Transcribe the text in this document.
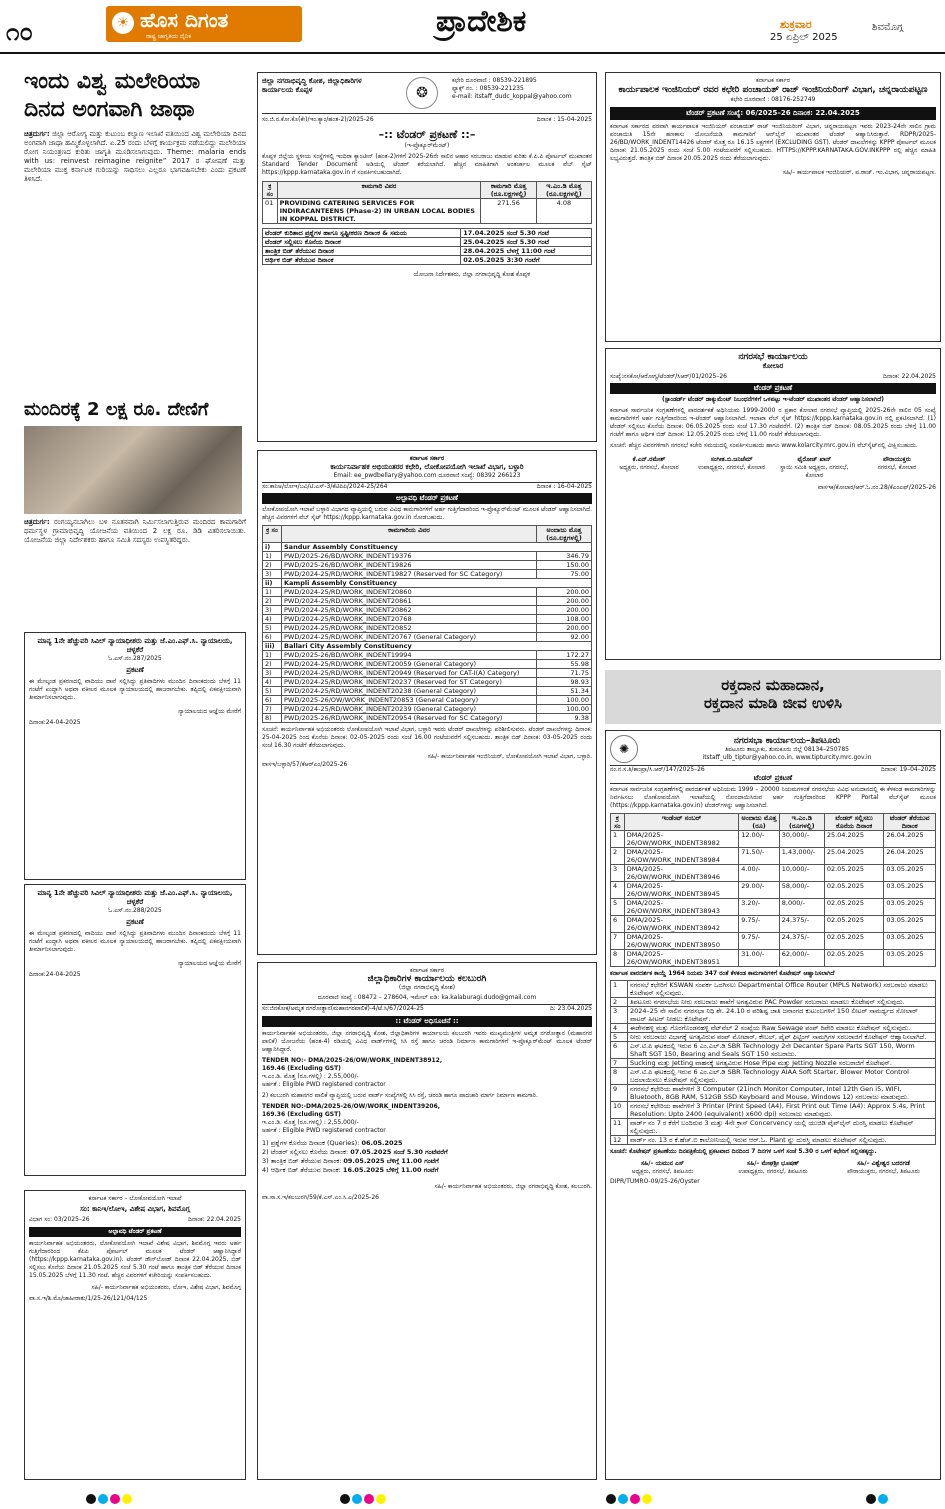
೧೦	☀ ಹೊಸ ದಿಗಂತ
ರಾಷ್ಟ್ರ ಜಾಗೃತಿಯ ದೈನಿಕ	ಪ್ರಾದೇಶಿಕ	ಶುಕ್ರವಾರ
25 ಏಪ್ರಿಲ್ 2025
ಶಿವಮೊಗ್ಗ
ಇಂದು ವಿಶ್ವ ಮಲೇರಿಯಾ ದಿನದ ಅಂಗವಾಗಿ ಜಾಥಾ
ಚಿತ್ರದುರ್ಗ: ಜಿಲ್ಲಾ ಆರೋಗ್ಯ ಮತ್ತು ಕುಟುಂಬ ಕಲ್ಯಾಣ ಇಲಾಖೆ ವತಿಯಿಂದ ವಿಶ್ವ ಮಲೇರಿಯಾ ದಿನದ ಅಂಗವಾಗಿ ಜಾಥಾ ಹಮ್ಮಿಕೊಳ್ಳಲಾಗಿದೆ. ಏ.25 ರಂದು ಬೆಳಗ್ಗೆ ಕಾರ್ಯಕ್ರಮ ನಡೆಯಲಿದ್ದು ಮಲೇರಿಯಾ ರೋಗ ನಿಯಂತ್ರಣದ ಕುರಿತು ಜಾಗೃತಿ ಮೂಡಿಸಲಾಗುವುದು. Theme: malaria ends with us: reinvest reimagine reignite” 2017 ರ ಘೋಷಣೆ ಮತ್ತು ಮಲೇರಿಯಾ ಮುಕ್ತ ಕರ್ನಾಟಕ ಗುರಿಯನ್ನು ಸಾಧಿಸಲು ಎಲ್ಲರೂ ಭಾಗವಹಿಸಬೇಕು ಎಂದು ಪ್ರಕಟಣೆ ತಿಳಿಸಿದೆ.
ಮಂದಿರಕ್ಕೆ 2 ಲಕ್ಷ ರೂ. ದೇಣಿಗೆ
ಚಿತ್ರದುರ್ಗ: ರಂಗಯ್ಯನಬಾಗಿಲು ಬಳಿ ನೂತನವಾಗಿ ನಿರ್ಮಿಸಲಾಗುತ್ತಿರುವ ಮಂದಿರದ ಕಾಮಗಾರಿಗೆ ಧರ್ಮಸ್ಥಳ ಗ್ರಾಮಾಭಿವೃದ್ಧಿ ಯೋಜನೆಯ ವತಿಯಿಂದ 2 ಲಕ್ಷ ರೂ. ಡಿಡಿ ವಿತರಿಸಲಾಯಿತು. ಯೋಜನೆಯ ಜಿಲ್ಲಾ ನಿರ್ದೇಶಕರು ಹಾಗೂ ಸಮಿತಿ ಸದಸ್ಯರು ಉಪಸ್ಥಿತರಿದ್ದರು.
ಮಾನ್ಯ 1ನೇ ಹೆಚ್ಚುವರಿ ಸಿವಿಲ್ ನ್ಯಾಯಾಧೀಶರು ಮತ್ತು ಜೆ.ಎಂ.ಎಫ್.ಸಿ. ನ್ಯಾಯಾಲಯ, ಚಳ್ಳಕೆರೆ
ಓ.ಎಸ್.ನಂ.287/2025
ಪ್ರಕಟಣೆ
ಈ ಮೇಲ್ಕಂಡ ಪ್ರಕರಣದಲ್ಲಿ ವಾದಿಯು ದಾವೆ ಸಲ್ಲಿಸಿದ್ದು ಪ್ರತಿವಾದಿಗಳು ಮುಂದಿನ ದಿನಾಂಕದಂದು ಬೆಳಗ್ಗೆ 11 ಗಂಟೆಗೆ ಖುದ್ದಾಗಿ ಅಥವಾ ವಕೀಲರ ಮೂಲಕ ನ್ಯಾಯಾಲಯದಲ್ಲಿ ಹಾಜರಾಗಬೇಕು. ತಪ್ಪಿದಲ್ಲಿ ಏಕಪಕ್ಷೀಯವಾಗಿ ತೀರ್ಮಾನಿಸಲಾಗುವುದು.
ನ್ಯಾಯಾಲಯದ ಆಜ್ಞೆಯ ಮೇರೆಗೆ
ದಿನಾಂಕ:24-04-2025
ಮಾನ್ಯ 1ನೇ ಹೆಚ್ಚುವರಿ ಸಿವಿಲ್ ನ್ಯಾಯಾಧೀಶರು ಮತ್ತು ಜೆ.ಎಂ.ಎಫ್.ಸಿ. ನ್ಯಾಯಾಲಯ, ಚಳ್ಳಕೆರೆ
ಓ.ಎಸ್.ನಂ.288/2025
ಪ್ರಕಟಣೆ
ಈ ಮೇಲ್ಕಂಡ ಪ್ರಕರಣದಲ್ಲಿ ವಾದಿಯು ದಾವೆ ಸಲ್ಲಿಸಿದ್ದು ಪ್ರತಿವಾದಿಗಳು ಮುಂದಿನ ದಿನಾಂಕದಂದು ಬೆಳಗ್ಗೆ 11 ಗಂಟೆಗೆ ಖುದ್ದಾಗಿ ಅಥವಾ ವಕೀಲರ ಮೂಲಕ ನ್ಯಾಯಾಲಯದಲ್ಲಿ ಹಾಜರಾಗಬೇಕು. ತಪ್ಪಿದಲ್ಲಿ ಏಕಪಕ್ಷೀಯವಾಗಿ ತೀರ್ಮಾನಿಸಲಾಗುವುದು.
ನ್ಯಾಯಾಲಯದ ಆಜ್ಞೆಯ ಮೇರೆಗೆ
ದಿನಾಂಕ:24-04-2025
ಕರ್ನಾಟಕ ಸರ್ಕಾರ – ಲೋಕೋಪಯೋಗಿ ಇಲಾಖೆ
ಸಂ: ಕಾನಿಇ/ಲೋಇ, ವಿಶೇಷ ವಿಭಾಗ, ಶಿವಮೊಗ್ಗ
ವಿಭಾಗ ಸಂ: 03/2025–26	ದಿನಾಂಕ: 22.04.2025
ಅಲ್ಪಾವಧಿ ಟೆಂಡರ್ ಪ್ರಕಟಣೆ
ಕಾರ್ಯನಿರ್ವಾಹಕ ಅಭಿಯಂತರರು, ಲೋಕೋಪಯೋಗಿ ಇಲಾಖೆ ವಿಶೇಷ ವಿಭಾಗ, ಶಿವಮೊಗ್ಗ ಇವರು ಅರ್ಹ ಗುತ್ತಿಗೆದಾರರಿಂದ ಕೆಪಿಪಿ ಪೋರ್ಟಲ್ ಮೂಲಕ ಟೆಂಡರ್ ಆಹ್ವಾನಿಸಿದ್ದಾರೆ (https://kppp.karnataka.gov.in). ಟೆಂಡರ್ ಡೌನ್‌ಲೋಡ್ ದಿನಾಂಕ 22.04.2025, ಬಿಡ್ ಸಲ್ಲಿಸಲು ಕೊನೆಯ ದಿನಾಂಕ 21.05.2025 ಸಂಜೆ 5.30 ಗಂಟೆ ಹಾಗೂ ತಾಂತ್ರಿಕ ಬಿಡ್ ತೆರೆಯುವ ದಿನಾಂಕ 15.05.2025 ಬೆಳಗ್ಗೆ 11.30 ಗಂಟೆ. ಹೆಚ್ಚಿನ ವಿವರಗಳಿಗೆ ಕಚೇರಿಯನ್ನು ಸಂಪರ್ಕಿಸಬಹುದು.
ಸಹಿ/- ಕಾರ್ಯನಿರ್ವಾಹಕ ಅಭಿಯಂತರರು, ಲೋಇ, ವಿಶೇಷ ವಿಭಾಗ, ಶಿವಮೊಗ್ಗ
ವಾ.ಸ.ಇ/ಶಿ.ಮೊ/ಜಾಹೀರಾತು/1/25-26/121/04/125
ಜಿಲ್ಲಾ ನಗರಾಭಿವೃದ್ಧಿ ಕೋಶ, ಜಿಲ್ಲಾಧಿಕಾರಿಗಳ ಕಾರ್ಯಾಲಯ ಕೊಪ್ಪಳ	❂
ಕಛೇರಿ ದೂರವಾಣಿ : 08539-221895
ಫ್ಯಾಕ್ಸ್ ನಂ. : 08539-221235
e-mail: itstaff_dudc_koppal@yahoo.com
ಸಂ.ಜಿ.ನ.ಕೋ.ಕೊ(ಕೇ)/ಇಂ.ಕ್ಯಾಂ/ಹಂತ-2)/2025-26	ದಿನಾಂಕ : 15-04-2025
–:: ಟೆಂಡರ್ ಪ್ರಕಟಣೆ ::–
(ಇ-ಪ್ರೊಕ್ಯೂರ್‌ಮೆಂಟ್)
ಕೊಪ್ಪಳ ಜಿಲ್ಲೆಯ ಸ್ಥಳೀಯ ಸಂಸ್ಥೆಗಳಲ್ಲಿ ಇಂದಿರಾ ಕ್ಯಾಂಟೀನ್ (ಹಂತ-2)ಗಳಿಗೆ 2025-26ನೇ ಸಾಲಿನ ಆಹಾರ ಸರಬರಾಜು ಮಾಡುವ ಕುರಿತು ಕೆ.ಪಿ.ಪಿ ಪೋರ್ಟಲ್ ಮುಖಾಂತರ Standard Tender Document ಅಡಿಯಲ್ಲಿ ಟೆಂಡರ್ ಕರೆಯಲಾಗಿದೆ. ಹೆಚ್ಚಿನ ಮಾಹಿತಿಗಾಗಿ ಅಂತರ್ಜಾಲ ಮೂಲಕ ವೆಬ್ ಸೈಟ್ https://kppp.karnataka.gov.in ಗೆ ಸಂಪರ್ಕಿಸಬಹುದಾಗಿದೆ.
ಕ್ರ ಸಂ	ಕಾಮಗಾರಿ ವಿವರ	ಕಾಮಗಾರಿ ಮೊತ್ತ (ರೂ.ಲಕ್ಷಗಳಲ್ಲಿ)	ಇ.ಎಂ.ಡಿ ಮೊತ್ತ (ರೂ.ಲಕ್ಷಗಳಲ್ಲಿ)
01	PROVIDING CATERING SERVICES FOR INDIRACANTEENS (Phase-2) IN URBAN LOCAL BODIES IN KOPPAL DISTRICT.	271.56	4.08
ಟೆಂಡರ್ ಕುರಿತಾದ ಪ್ರಶ್ನೆಗಳ ಹಾಗೂ ಸ್ಪಷ್ಟೀಕರಣ ದಿನಾಂಕ & ಸಮಯ	17.04.2025 ಸಂಜೆ 5.30 ಗಂಟೆ
ಟೆಂಡರ್ ಸಲ್ಲಿಸಲು ಕೊನೆಯ ದಿನಾಂಕ	25.04.2025 ಸಂಜೆ 5.30 ಗಂಟೆ
ತಾಂತ್ರಿಕ ಬಿಡ್ ತೆರೆಯುವ ದಿನಾಂಕ	28.04.2025 ಬೆಳಗ್ಗೆ 11:00 ಗಂಟೆ
ಆರ್ಥಿಕ ಬಿಡ್ ತೆರೆಯುವ ದಿನಾಂಕ	02.05.2025 3:30 ಗಂಟೆಗೆ
ಯೋಜನಾ ನಿರ್ದೇಶಕರು, ಜಿಲ್ಲಾ ನಗರಾಭಿವೃದ್ಧಿ ಕೋಶ ಕೊಪ್ಪಳ
ಕರ್ನಾಟಕ ಸರ್ಕಾರ
ಕಾರ್ಯನಿರ್ವಾಹಕ ಅಭಿಯಂತರರ ಕಛೇರಿ, ಲೋಕೋಪಯೋಗಿ ಇಲಾಖೆ ವಿಭಾಗ, ಬಳ್ಳಾರಿ
Email: ee_pwdbellary@yahoo.com ದೂರವಾಣಿ ಸಂಖ್ಯೆ: 08392 266123
ಸಂ:ಕಾನಿಅ/ಲೋಇ/ಬವಿ/ಟಿ.ಎಸ್-3/ಕೆಟಿಪಿಪಿ/2024-25/264	ದಿನಾಂಕ : 16-04-2025
ಅಲ್ಪಾವಧಿ ಟೆಂಡರ್ ಪ್ರಕಟಣೆ
ಲೋಕೋಪಯೋಗಿ ಇಲಾಖೆ ಬಳ್ಳಾರಿ ವಿಭಾಗದ ವ್ಯಾಪ್ತಿಯಲ್ಲಿ ಬರುವ ವಿವಿಧ ಕಾಮಗಾರಿಗಳಿಗೆ ಅರ್ಹ ಗುತ್ತಿಗೆದಾರರಿಂದ ಇ-ಪ್ರೊಕ್ಯೂರ್‌ಮೆಂಟ್ ಮೂಲಕ ಟೆಂಡರ್ ಆಹ್ವಾನಿಸಲಾಗಿದೆ. ಹೆಚ್ಚಿನ ವಿವರಗಳಿಗೆ ವೆಬ್ ಸೈಟ್ https://kppp.karnataka.gov.in ನೋಡಬಹುದು.
ಕ್ರ ಸಂ	ಕಾಮಗಾರಿಯ ವಿವರ	ಅಂದಾಜು ಮೊತ್ತ (ರೂ.ಲಕ್ಷಗಳಲ್ಲಿ)
i)	Sandur Assembly Constituency	
1)	PWD/2025-26/BD/WORK_INDENT19376	346.79
2)	PWD/2025-26/BD/WORK_INDENT19826	150.00
3)	PWD/2024-25/RD/WORK_INDENT19827 (Reserved for SC Category)	75.00
ii)	Kampli Assembly Constituency	
1)	PWD/2024-25/RD/WORK_INDENT20860	200.00
2)	PWD/2024-25/RD/WORK_INDENT20861	200.00
3)	PWD/2024-25/RD/WORK_INDENT20862	200.00
4)	PWD/2024-25/RD/WORK_INDENT20768	108.00
5)	PWD/2024-25/RD/WORK_INDENT20852	200.00
6)	PWD/2024-25/RD/WORK_INDENT20767 (General Category)	92.00
iii)	Ballari City Assembly Constituency	
1)	PWD/2025-26/BD/WORK_INDENT19994	172.27
2)	PWD/2024-25/RD/WORK_INDENT20059 (General Category)	55.98
3)	PWD/2024-25/RD/WORK_INDENT20949 (Reserved for CAT-I(A) Category)	71.75
4)	PWD/2024-25/RD/WORK_INDENT20237 (Reserved for ST Category)	98.93
5)	PWD/2024-25/RD/WORK_INDENT20238 (General Category)	51.34
6)	PWD/2025-26/OW/WORK_INDENT20853 (General Category)	100.00
7)	PWD/2024-25/RD/WORK_INDENT20239 (General Category)	100.00
8)	PWD/2025-26/RD/WORK_INDENT20954 (Reserved for SC Category)	9.38
ಸೂಚನೆ: ಕಾರ್ಯನಿರ್ವಾಹಕ ಅಭಿಯಂತರರು ಲೋಕೋಪಯೋಗಿ ಇಲಾಖೆ ವಿಭಾಗ, ಬಳ್ಳಾರಿ ಇವರು ಟೆಂಡರ್ ದಾಖಲೆಗಳನ್ನು ಪರಿಶೀಲಿಸುವರು. ಟೆಂಡರ್ ದಾಖಲೆಗಳನ್ನು ದಿನಾಂಕ: 25-04-2025 ರಿಂದ ಕೊನೆಯ ದಿನಾಂಕ: 02-05-2025 ರಂದು ಸಂಜೆ 16.00 ಗಂಟೆಯವರೆಗೆ ಸಲ್ಲಿಸಬಹುದು. ತಾಂತ್ರಿಕ ಬಿಡ್ ದಿನಾಂಕ: 03-05-2025 ರಂದು ಸಂಜೆ 16.30 ಗಂಟೆಗೆ ತೆರೆಯಲಾಗುವುದು.
ಸಹಿ/- ಕಾರ್ಯನಿರ್ವಾಹಕ ಇಂಜಿನಿಯರ್, ಲೋಕೋಪಯೋಗಿ ಇಲಾಖೆ ವಿಭಾಗ, ಬಳ್ಳಾರಿ.
ವಾಸಇ/ಬಳ್ಳಾರಿ/57/ಕೆಆರ್‌ಎಂ/2025-26
ಕರ್ನಾಟಕ ಸರ್ಕಾರ
ಜಿಲ್ಲಾಧಿಕಾರಿಗಳ ಕಾರ್ಯಾಲಯ ಕಲಬುರಗಿ
(ಜಿಲ್ಲಾ ನಗರಾಭಿವೃದ್ಧಿ ಕೋಶ)
ದೂರವಾಣಿ ಸಂಖ್ಯೆ : 08472 – 278604, ಇಮೇಲ್ ಐಡಿ: ka.kalaburagi.dudo@gmail.com
ಸಂ:ಜಿನಕೋಕ/ಅಮೃತ ನಗರೋತ್ಥಾನ(ಮಹಾನಗರಪಾಲಿಕೆ)-4/ಟೆ.ಸಿ/67/2024-25	ದಿ: 23.04.2025
:: ಟೆಂಡರ್ ಅಧಿಸೂಚನೆ ::
ಕಾರ್ಯನಿರ್ವಾಹಕ ಅಭಿಯಂತರರು, ಜಿಲ್ಲಾ ನಗರಾಭಿವೃದ್ಧಿ ಕೋಶ, ಜಿಲ್ಲಾಧಿಕಾರಿಗಳ ಕಾರ್ಯಾಲಯ ಕಲಬುರಗಿ ಇವರು ಮುಖ್ಯಮಂತ್ರಿಗಳ ಅಮೃತ ನಗರೋತ್ಥಾನ (ಮಹಾನಗರ ಪಾಲಿಕೆ) ಯೋಜನೆಯ (ಹಂತ-4) ರಡಿಯಲ್ಲಿ ವಿವಿಧ ವಾರ್ಡ್‌ಗಳಲ್ಲಿ ಸಿಸಿ ರಸ್ತೆ ಹಾಗೂ ಚರಂಡಿ ನಿರ್ಮಾಣ ಕಾಮಗಾರಿಗಳಿಗೆ ಇ-ಪ್ರೊಕ್ಯೂರ್‌ಮೆಂಟ್ ಮೂಲಕ ಟೆಂಡರ್ ಆಹ್ವಾನಿಸಿದ್ದಾರೆ.
TENDER NO:- DMA/2025-26/OW/WORK_INDENT38912,
169.46 (Excluding GST)
ಇ.ಎಂ.ಡಿ. ಮೊತ್ತ (ರೂ.ಗಳಲ್ಲಿ) : 2,55,000/-
ಅರ್ಹತೆ : Eligible PWD registered contractor
2) ಕಲಬುರಗಿ ಮಹಾನಗರ ಪಾಲಿಕೆ ವ್ಯಾಪ್ತಿಯಲ್ಲಿ ಬರುವ ವಾರ್ಡ್ ಸಂಖ್ಯೆಗಳಲ್ಲಿ ಸಿಸಿ ರಸ್ತೆ, ಚರಂಡಿ ಹಾಗೂ ಪಾದಚಾರಿ ಮಾರ್ಗ ನಿರ್ಮಾಣ ಕಾಮಗಾರಿ.
TENDER NO:-DMA/2025-26/OW/WORK_INDENT39206,
169.36 (Excluding GST)
ಇ.ಎಂ.ಡಿ. ಮೊತ್ತ (ರೂ.ಗಳಲ್ಲಿ) : 2,55,000/-
ಅರ್ಹತೆ : Eligible PWD registered contractor
1) ಪ್ರಶ್ನೆಗಳ ಕೊನೆಯ ದಿನಾಂಕ (Queries): 06.05.2025
2) ಟೆಂಡರ್ ಸಲ್ಲಿಸಲು ಕೊನೆಯ ದಿನಾಂಕ: 07.05.2025 ಸಂಜೆ 5.30 ಗಂಟೆವರೆಗೆ
3) ತಾಂತ್ರಿಕ ಬಿಡ್ ತೆರೆಯುವ ದಿನಾಂಕ: 09.05.2025 ಬೆಳಿಗ್ಗೆ 11.00 ಗಂಟೆಗೆ
4) ಆರ್ಥಿಕ ಬಿಡ್ ತೆರೆಯುವ ದಿನಾಂಕ: 16.05.2025 ಬೆಳಿಗ್ಗೆ 11.00 ಗಂಟೆಗೆ
ಸಹಿ/- ಕಾರ್ಯನಿರ್ವಾಹಕ ಅಭಿಯಂತರರು, ಜಿಲ್ಲಾ ನಗರಾಭಿವೃದ್ಧಿ ಕೋಶ, ಕಲಬುರಗಿ.
ವಾ.ಸಾ.ಸ.ಇ/ಕಲಬುರಗಿ/59/ಕೆ.ಎಸ್.ಎಂ.ಸಿ.ಎ/2025-26
ಕರ್ನಾಟಕ ಸರ್ಕಾರ
ಕಾರ್ಯಪಾಲಕ ಇಂಜಿನಿಯರ್ ರವರ ಕಛೇರಿ ಪಂಚಾಯತ್ ರಾಜ್ ಇಂಜಿನಿಯರಿಂಗ್ ವಿಭಾಗ, ಚನ್ನರಾಯಪಟ್ಟಣ
ಕಛೇರಿ ದೂರವಾಣಿ : 08176-252749
ಟೆಂಡರ್ ಪ್ರಕಟಣೆ ಸಂಖ್ಯೆ: 06/2025–26 ದಿನಾಂಕ: 22.04.2025
ಕರ್ನಾಟಕ ಸರ್ಕಾರದ ಪರವಾಗಿ ಕಾರ್ಯಪಾಲಕ ಇಂಜಿನಿಯರ್ ಪಂಚಾಯತ್ ರಾಜ್ ಇಂಜಿನಿಯರಿಂಗ್ ವಿಭಾಗ, ಚನ್ನರಾಯಪಟ್ಟಣ ಇವರು 2023-24ನೇ ಸಾಲಿನ ಗ್ರಾಮ ಪಂಚಾಯಿತಿ 15ನೇ ಹಣಕಾಸು ಯೋಜನೆಯಡಿ ಕಾಮಗಾರಿಗೆ ಆನ್‌ಲೈನ್ ಮುಖಾಂತರ ಟೆಂಡರ್ ಆಹ್ವಾನಿಸಿರುತ್ತಾರೆ. RDPR/2025-26/BD/WORK_INDENT14426 ಟೆಂಡರ್ ಮೊತ್ತ ರೂ 16.15 ಲಕ್ಷಗಳಿಗೆ (EXCLUDING GST). ಟೆಂಡರ್ ದಾಖಲೆಗಳನ್ನು KPPP ಪೋರ್ಟಲ್ ಮೂಲಕ ದಿನಾಂಕ: 21.05.2025 ರಂದು ಸಂಜೆ 5.00 ಗಂಟೆಯವರೆಗೆ ಸಲ್ಲಿಸಬಹುದು. HTTPS://KPPP.KARNATAKA.GOV.INKPPP ರಲ್ಲಿ ಹೆಚ್ಚಿನ ಮಾಹಿತಿ ಲಭ್ಯವಿರುತ್ತದೆ. ತಾಂತ್ರಿಕ ಬಿಡ್ ದಿನಾಂಕ 20.05.2025 ರಂದು ತೆರೆಯಲಾಗುವುದು.
ಸಹಿ/– ಕಾರ್ಯಪಾಲಕ ಇಂಜಿನಿಯರ್, ಪ.ರಾಜ್. ಇಂ.ವಿಭಾಗ, ಚನ್ನರಾಯಪಟ್ಟಣ.
ನಗರಸಭೆ ಕಾರ್ಯಾಲಯ
ಕೋಲಾರ
ಸಂಖ್ಯೆ:ನಸಕೋ/ಆರೋಗ್ಯ/ಟೆಂಡರ್/ಸಿಆರ್/01/2025–26	ದಿನಾಂಕ: 22.04.2025
ಟೆಂಡರ್ ಪ್ರಕಟಣೆ
(ಸ್ಟಾಂಡರ್ಡ್ ಟೆಂಡರ್ ಡಾಕ್ಯುಮೆಂಟ್ ನಿಬಂಧನೆಗಳಿಗೆ ಒಳಪಟ್ಟು ಇ-ಟೆಂಡರ್ ಮುಖಾಂತರ ಟೆಂಡರ್ ಆಹ್ವಾನಿಸಲಾಗಿದೆ)
ಕರ್ನಾಟಕ ಸಾರ್ವಜನಿಕ ಸಂಗ್ರಹಣೆಗಳಲ್ಲಿ ಪಾರದರ್ಶಕತೆ ಅಧಿನಿಯಮ 1999-2000 ರ ಪ್ರಕಾರ ಕೋಲಾರ ನಗರಸಭೆ ವ್ಯಾಪ್ತಿಯಲ್ಲಿ 2025-26ನೇ ಸಾಲಿನ 05 ಸಂಖ್ಯೆ ಕಾಮಗಾರಿಗಳಿಗೆ ಅರ್ಹ ಗುತ್ತಿಗೆದಾರರಿಂದ ಇ-ಟೆಂಡರ್ ಆಹ್ವಾನಿಸಲಾಗಿದೆ. ಇಲಾಖಾ ವೆಬ್ ಸೈಟ್ https://kppp.karnataka.gov.in ನಲ್ಲಿ ಪ್ರಕಟಿಸಲಾಗಿದೆ. (1) ಟೆಂಡರ್ ಸಲ್ಲಿಸಲು ಕೊನೆಯ ದಿನಾಂಕ: 06.05.2025 ರಂದು ಸಂಜೆ 17.30 ಗಂಟೆವರೆಗೆ. (2) ತಾಂತ್ರಿಕ ಬಿಡ್ ದಿನಾಂಕ: 08.05.2025 ರಂದು ಬೆಳಿಗ್ಗೆ 11.00 ಗಂಟೆಗೆ ಹಾಗೂ ಆರ್ಥಿಕ ಬಿಡ್ ದಿನಾಂಕ: 12.05.2025 ರಂದು ಬೆಳಿಗ್ಗೆ 11.00 ಗಂಟೆಗೆ ತೆರೆಯಲಾಗುವುದು.
ಸೂಚನೆ: ಹೆಚ್ಚಿನ ವಿವರಗಳಿಗಾಗಿ ನಗರಸಭೆ ಕಚೇರಿ ಸಮಯದಲ್ಲಿ ಸಂಪರ್ಕಿಸಬಹುದು ಹಾಗೂ www.kolarcity.mrc.gov.in ವೆಬ್‌ಸೈಟ್‌ನಲ್ಲಿ ವೀಕ್ಷಿಸಬಹುದು.
ಕೆ.ಎನ್.ರಮೇಶ್
ಅಧ್ಯಕ್ಷರು, ನಗರಸಭೆ, ಕೋಲಾರ
ಸಂಗೀತ.ಬಿ.ಜನಿಜೆಮ್
ಉಪಾಧ್ಯಕ್ಷರು, ನಗರಸಭೆ, ಕೋಲಾರ
ಫೈರೋಜ್ ಖಾನ್
ಸ್ಥಾಯಿ ಸಮಿತಿ ಅಧ್ಯಕ್ಷರು, ನಗರಸಭೆ, ಕೋಲಾರ
ಪೌರಾಯುಕ್ತರು
ನಗರಸಭೆ, ಕೋಲಾರ
ವಾಸಇಕ/ಕೋಲಾರ/ಆರ್.ಓ.ನಂ.28/ಕೆಎಂಎಫ್/2025-26
ರಕ್ತದಾನ ಮಹಾದಾನ,
ರಕ್ತದಾನ ಮಾಡಿ ಜೀವ ಉಳಿಸಿ
✺
ನಗರಸಭಾ ಕಾರ್ಯಾಲಯ–ತಿಪಟೂರು
ತಿಪಟೂರು ತಾಲ್ಲೂಕು, ತುಮಕೂರು ಜಿಲ್ಲೆ 08134–250785
itstaff_ulb_tiptur@yahoo.co.in, www.tipturcity.mrc.gov.in
ನಂ.ನ.ಸ.ತಿ/ಕಾಂಪ್ರಾ/ಸಿ.ಆರ್/147/2025–26	ದಿನಾಂಕ: 19–04–2025
ಟೆಂಡರ್ ಪ್ರಕಟಣೆ
ಕರ್ನಾಟಕ ಸಾರ್ವಜನಿಕ ಸಂಗ್ರಹಣೆಗಳಲ್ಲಿ ಪಾರದರ್ಶಕತೆ ಅಧಿನಿಯಮ 1999 – 20000 ನಿಯಮಗಳಂತೆ ನಗರಸಭೆಯ ವಿವಿಧ ಅನುದಾನದಲ್ಲಿ ಈ ಕೆಳಕಂಡ ಕಾಮಗಾರಿಗಳನ್ನು ನಿರ್ವಹಿಸಲು ಲೋಕೋಪಯೋಗಿ ಇಲಾಖೆಯಲ್ಲಿ ನೋಂದಾಯಿಸಿರುವ ಅರ್ಹ ಗುತ್ತಿಗೆದಾರರಿಂದ KPPP Portal ವೆಬ್‌ಸೈಟ್ ಮೂಲಕ (https://kppp.karnataka.gov.in) ಟೆಂಡರ್‌ಗಳನ್ನು ಆಹ್ವಾನಿಸಲಾಗಿದೆ.
ಕ್ರ ಸಂ	ಇಂಡೆಂಟ್ ನಂಬರ್	ಅಂದಾಜು ಮೊತ್ತ (ರೂ)	ಇ.ಎಂ.ಡಿ (ರೂಗಳಲ್ಲಿ)	ಟೆಂಡರ್ ಸಲ್ಲಿಸಲು ಕೊನೆಯ ದಿನಾಂಕ	ಟೆಂಡರ್ ತೆರೆಯುವ ದಿನಾಂಕ
1	DMA/2025-26/OW/WORK_INDENT38982	12.00/-	30,000/-	25.04.2025	26.04.2025
2	DMA/2025-26/OW/WORK_INDENT38984	71.50/-	1,43,000/-	25.04.2025	26.04.2025
3	DMA/2025-26/OW/WORK_INDENT38946	4.00/-	10,000/-	02.05.2025	03.05.2025
4	DMA/2025-26/OW/WORK_INDENT38945	29.00/-	58,000/-	02.05.2025	03.05.2025
5	DMA/2025-26/OW/WORK_INDENT38943	3.20/-	8,000/-	02.05.2025	03.05.2025
6	DMA/2025-26/OW/WORK_INDENT38942	9.75/-	24,375/-	02.05.2025	03.05.2025
7	DMA/2025-26/OW/WORK_INDENT38950	9.75/-	24,375/-	02.05.2025	03.05.2025
8	DMA/2025-26/OW/WORK_INDENT38951	31.00/-	62,000/-	02.05.2025	03.05.2025
ಕರ್ನಾಟಕ ಪಾರದರ್ಶಕ ಕಾಯ್ದೆ 1964 ನಿಯಮ 347 ರಂತೆ ಕೆಳಕಂಡ ಕಾಮಗಾರಿಗಳಿಗೆ ಕೊಟೇಷನ್ ಆಹ್ವಾನಿಸಲಾಗಿದೆ
1	ನಗರಸಭೆ ಕಛೇರಿಗೆ KSWAN ಸಂಪರ್ಕ ಒದಗಿಸಲು Departmental Office Router (MPLS Network) ಸರಬರಾಜು ಮಾಡಲು ಕೊಟೇಷನ್ ಸಲ್ಲಿಸುವುದು.
2	ತಿಪಟೂರು ನಗರಸಭೆಯ ನೀರು ಸರಬರಾಜು ಶಾಖೆಗೆ ಅಗತ್ಯವಿರುವ PAC Powder ಸರಬರಾಜು ಮಾಡಲು ಕೊಟೇಷನ್ ಸಲ್ಲಿಸುವುದು.
3	2024–25 ನೇ ಸಾಲಿನ ನಗರಸಭಾ ನಿಧಿ ಶೇ. 24.10 ರ ಪರಿಶಿಷ್ಟ ಜಾತಿ ಜನಾಂಗದ ಕುಟುಂಬಗಳಿಗೆ 150 ಲೀಟರ್ ಸಾಮರ್ಥ್ಯದ ಸೋಲಾರ್ ವಾಟರ್ ಹೀಟರ್ ನೀಡಲು ಕೊಟೇಷನ್.
4	ಈಡೇನಹಳ್ಳಿ ಮತ್ತು ಗೊರಗೊಂಡನಹಳ್ಳಿ ವೆಟ್‌ವೆಲ್ 2 ಸಂಖ್ಯೆಯ Raw Sewage ಪಂಪ್ ರಿಪೇರಿ ಮಾಡಲು ಕೊಟೇಷನ್ ಸಲ್ಲಿಸುವುದು.
5	ನೀರು ಸರಬರಾಜು ವಿಭಾಗಕ್ಕೆ ಅಗತ್ಯವಿರುವ ಪಂಪ್ ಮೋಟಾರ್, ಕೇಬಲ್, ಪೈಪ್ ಫಿಟ್ಟಿಂಗ್ ಸಾಮಗ್ರಿಗಳ ಸರಬರಾಜಿಗೆ ಕೊಟೇಷನ್ ಆಹ್ವಾನಿಸಲಾಗಿದೆ.
6	ಎಸ್.ಟಿ.ಪಿ ಘಟಕದಲ್ಲಿ ಇರುವ 6 ಎಂ.ಎಲ್.ಡಿ SBR Technology 2ನೇ Decanter Spare Parts SGT 150, Worm Shaft SGT 150, Bearing and Seals SGT 150 ಸರಬರಾಜು.
7	Sucking ಮತ್ತು Jetting ವಾಹನಕ್ಕೆ ಅಗತ್ಯವಿರುವ Hose Pipe ಮತ್ತು Jetting Nozzle ಸರಬರಾಜಿಗೆ ಕೊಟೇಷನ್.
8	ಎಸ್.ಟಿ.ಪಿ ಘಟಕದಲ್ಲಿ ಇರುವ 6 ಎಂ.ಎಲ್.ಡಿ SBR Technology AIAA Soft Starter, Blower Motor Control ಬದಲಾಯಿಸಲು ಕೊಟೇಷನ್ ಸಲ್ಲಿಸುವುದು.
9	ನಗರಸಭೆ ಕಛೇರಿಯ ಶಾಖೆಗಳಿಗೆ 3 Computer (21inch Monitor Computer, Intel 12th Gen i5, WIFI, Bluetooth, 8GB RAM, 512GB SSD Keyboard and Mouse, Windows 12) ಸರಬರಾಜು ಮಾಡುವುದು.
10	ನಗರಸಭೆ ಕಛೇರಿಯ ಶಾಖೆಗಳಿಗೆ 3 Printer (Print Speed (A4), First Print out Time (A4): Approx 5.4s, Print Resolution: Upto 2400 (equivalent) x600 dpi) ಸರಬರಾಜು ಮಾಡುವುದು.
11	ವಾರ್ಡ್ ನಂ 7 ರ ಕೆರೆಗೆ ಬಂದಿರುವ 3 ಮತ್ತು 4ನೇ ಕ್ರಾಸ್ Concervency ಯಲ್ಲಿ ಯುಜಿಡಿ ಪೈಪ್‌ಲೈನ್ ದುರಸ್ತಿ ಮಾಡಲು ಕೊಟೇಷನ್ ಸಲ್ಲಿಸುವುದು.
12	ವಾರ್ಡ್ ನಂ. 13 ರ ಕೆ.ಹೆಚ್.ಬಿ ಕಾಲೋನಿಯಲ್ಲಿ ಇರುವ ಆರ್.ಓ. Plant ನ್ನು ದುರಸ್ತಿ ಮಾಡಲು ಕೊಟೇಷನ್ ಸಲ್ಲಿಸುವುದು.
ಸೂಚನೆ: ಕೊಟೇಷನ್ ಪ್ರಕಟಣೆಯು ದಿನಪತ್ರಿಕೆಯಲ್ಲಿ ಪ್ರಕಟವಾದ ದಿನದಿಂದ 7 ದಿನಗಳ ಒಳಗೆ ಸಂಜೆ 5.30 ರ ಒಳಗೆ ಕಛೇರಿಗೆ ಸಲ್ಲಿಸತಕ್ಕದ್ದು.
ಸಹಿ/– ಯಮುನ ಎಸ್
ಅಧ್ಯಕ್ಷರು, ನಗರಸಭೆ, ತಿಪಟೂರು
ಸಹಿ/– ಮೇಘಶ್ರೀ ಭೂಷಣ್
ಉಪಾಧ್ಯಕ್ಷರು, ನಗರಸಭೆ, ತಿಪಟೂರು
ಸಹಿ/– ವಿಶ್ವೇಶ್ವರ ಬದರಗಡೆ
ಪೌರಾಯುಕ್ತರು, ನಗರಸಭೆ, ತಿಪಟೂರು
DIPR/TUMRO-09/25-26/Oyster
